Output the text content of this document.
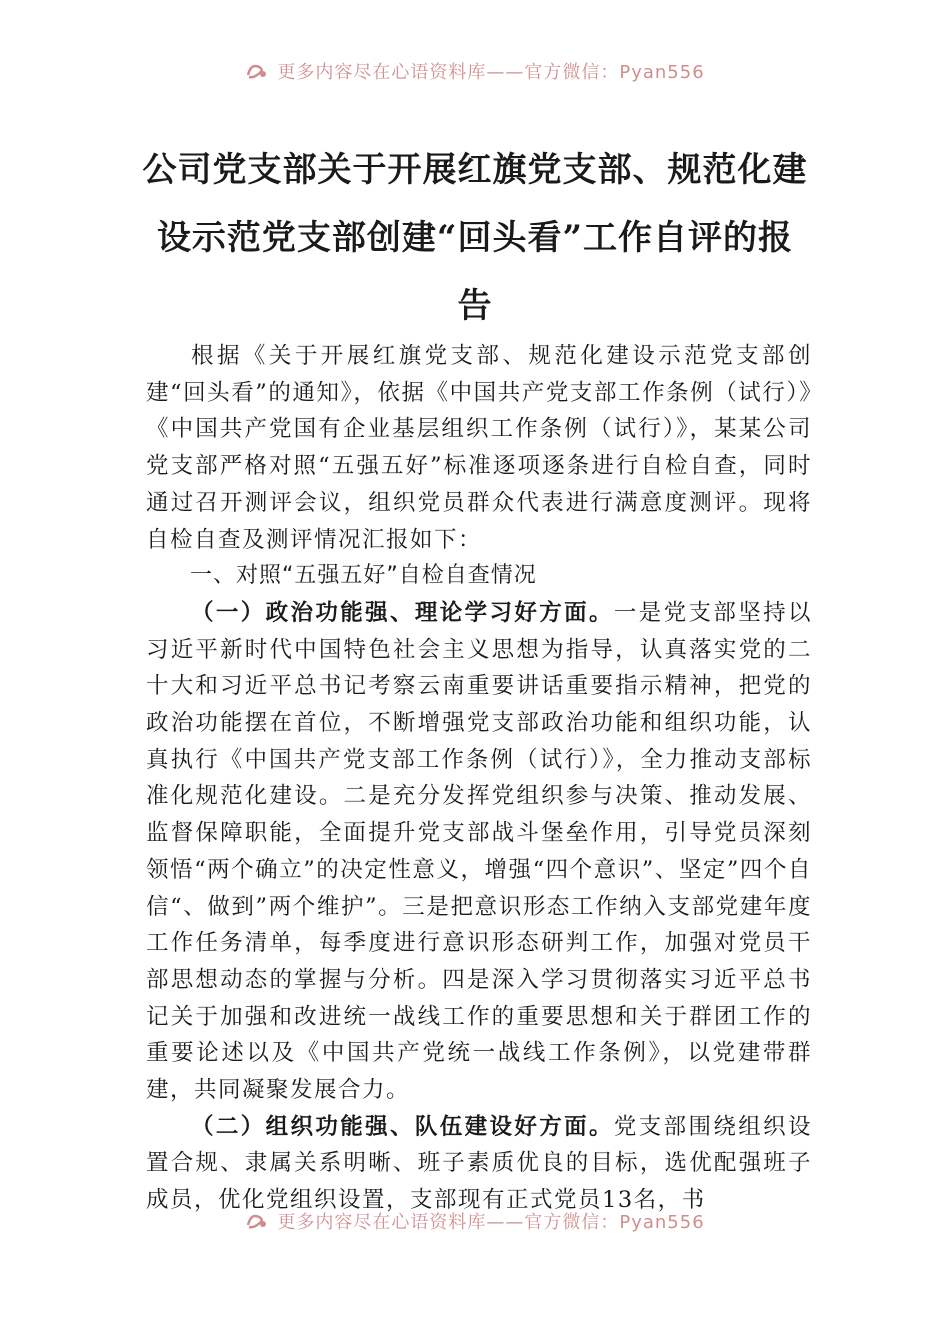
更多内容尽在心语资料库——官方微信：Pyan556
公司党支部关于开展红旗党支部、规范化建设示范党支部创建“回头看”工作自评的报告

根据《关于开展红旗党支部、规范化建设示范党支部创建“回头看”的通知》，依据《中国共产党支部工作条例（试行）》《中国共产党国有企业基层组织工作条例（试行）》，某某公司党支部严格对照“五强五好”标准逐项逐条进行自检自查，同时通过召开测评会议，组织党员群众代表进行满意度测评。现将自检自查及测评情况汇报如下：

一、对照“五强五好”自检自查情况

（一）政治功能强、理论学习好方面。一是党支部坚持以习近平新时代中国特色社会主义思想为指导，认真落实党的二十大和习近平总书记考察云南重要讲话重要指示精神，把党的政治功能摆在首位，不断增强党支部政治功能和组织功能，认真执行《中国共产党支部工作条例（试行）》，全力推动支部标准化规范化建设。二是充分发挥党组织参与决策、推动发展、监督保障职能，全面提升党支部战斗堡垒作用，引导党员深刻领悟“两个确立”的决定性意义，增强“四个意识”、坚定”四个自信“、做到”两个维护”。三是把意识形态工作纳入支部党建年度工作任务清单，每季度进行意识形态研判工作，加强对党员干部思想动态的掌握与分析。四是深入学习贯彻落实习近平总书记关于加强和改进统一战线工作的重要思想和关于群团工作的重要论述以及《中国共产党统一战线工作条例》，以党建带群建，共同凝聚发展合力。

（二）组织功能强、队伍建设好方面。党支部围绕组织设置合规、隶属关系明晰、班子素质优良的目标，选优配强班子成员，优化党组织设置，支部现有正式党员13名，书

更多内容尽在心语资料库——官方微信：Pyan556
